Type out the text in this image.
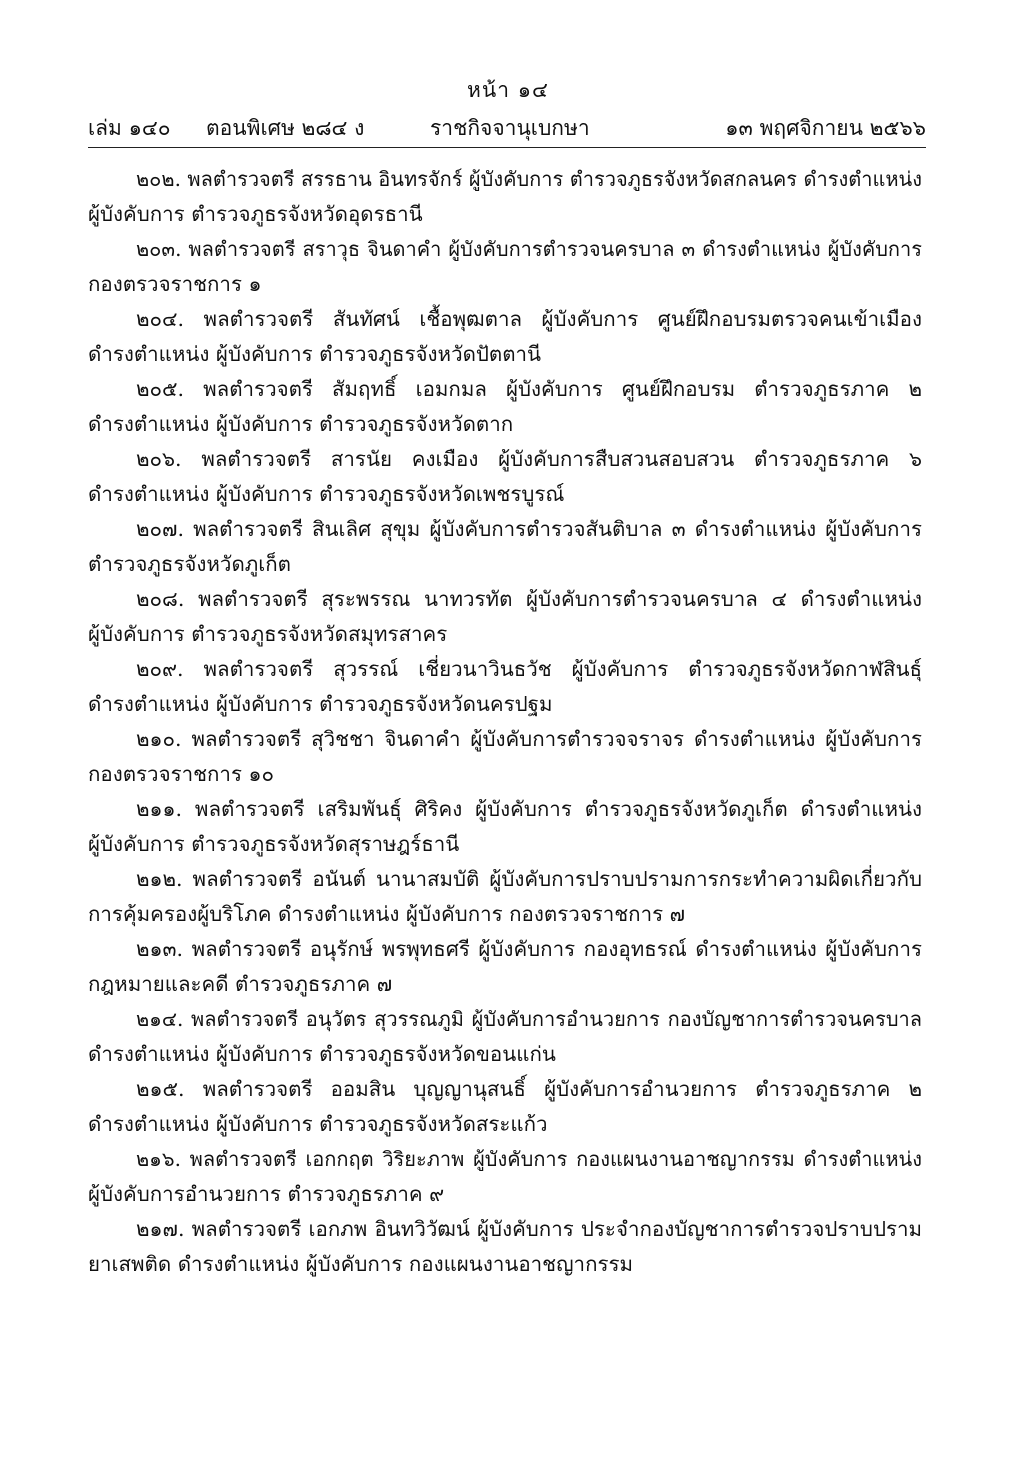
หน้า ๑๔
เล่ม ๑๔๐ ตอนพิเศษ ๒๘๔ ง	ราชกิจจานุเบกษา	๑๓ พฤศจิกายน ๒๕๖๖
๒๐๒. พลตำรวจตรี สรรธาน อินทรจักร์ ผู้บังคับการ ตำรวจภูธรจังหวัดสกลนคร ดำรงตำแหน่ง
ผู้บังคับการ ตำรวจภูธรจังหวัดอุดรธานี
๒๐๓. พลตำรวจตรี สราวุธ จินดาคำ ผู้บังคับการตำรวจนครบาล ๓ ดำรงตำแหน่ง ผู้บังคับการ
กองตรวจราชการ ๑
๒๐๔. พลตำรวจตรี สันทัศน์ เชื้อพุฒตาล ผู้บังคับการ ศูนย์ฝึกอบรมตรวจคนเข้าเมือง
ดำรงตำแหน่ง ผู้บังคับการ ตำรวจภูธรจังหวัดปัตตานี
๒๐๕. พลตำรวจตรี สัมฤทธิ์ เอมกมล ผู้บังคับการ ศูนย์ฝึกอบรม ตำรวจภูธรภาค ๒
ดำรงตำแหน่ง ผู้บังคับการ ตำรวจภูธรจังหวัดตาก
๒๐๖. พลตำรวจตรี สารนัย คงเมือง ผู้บังคับการสืบสวนสอบสวน ตำรวจภูธรภาค ๖
ดำรงตำแหน่ง ผู้บังคับการ ตำรวจภูธรจังหวัดเพชรบูรณ์
๒๐๗. พลตำรวจตรี สินเลิศ สุขุม ผู้บังคับการตำรวจสันติบาล ๓ ดำรงตำแหน่ง ผู้บังคับการ
ตำรวจภูธรจังหวัดภูเก็ต
๒๐๘. พลตำรวจตรี สุระพรรณ นาทวรทัต ผู้บังคับการตำรวจนครบาล ๔ ดำรงตำแหน่ง
ผู้บังคับการ ตำรวจภูธรจังหวัดสมุทรสาคร
๒๐๙. พลตำรวจตรี สุวรรณ์ เชี่ยวนาวินธวัช ผู้บังคับการ ตำรวจภูธรจังหวัดกาฬสินธุ์
ดำรงตำแหน่ง ผู้บังคับการ ตำรวจภูธรจังหวัดนครปฐม
๒๑๐. พลตำรวจตรี สุวิชชา จินดาคำ ผู้บังคับการตำรวจจราจร ดำรงตำแหน่ง ผู้บังคับการ
กองตรวจราชการ ๑๐
๒๑๑. พลตำรวจตรี เสริมพันธุ์ ศิริคง ผู้บังคับการ ตำรวจภูธรจังหวัดภูเก็ต ดำรงตำแหน่ง
ผู้บังคับการ ตำรวจภูธรจังหวัดสุราษฎร์ธานี
๒๑๒. พลตำรวจตรี อนันต์ นานาสมบัติ ผู้บังคับการปราบปรามการกระทำความผิดเกี่ยวกับ
การคุ้มครองผู้บริโภค ดำรงตำแหน่ง ผู้บังคับการ กองตรวจราชการ ๗
๒๑๓. พลตำรวจตรี อนุรักษ์ พรพุทธศรี ผู้บังคับการ กองอุทธรณ์ ดำรงตำแหน่ง ผู้บังคับการ
กฎหมายและคดี ตำรวจภูธรภาค ๗
๒๑๔. พลตำรวจตรี อนุวัตร สุวรรณภูมิ ผู้บังคับการอำนวยการ กองบัญชาการตำรวจนครบาล
ดำรงตำแหน่ง ผู้บังคับการ ตำรวจภูธรจังหวัดขอนแก่น
๒๑๕. พลตำรวจตรี ออมสิน บุญญานุสนธิ์ ผู้บังคับการอำนวยการ ตำรวจภูธรภาค ๒
ดำรงตำแหน่ง ผู้บังคับการ ตำรวจภูธรจังหวัดสระแก้ว
๒๑๖. พลตำรวจตรี เอกกฤต วิริยะภาพ ผู้บังคับการ กองแผนงานอาชญากรรม ดำรงตำแหน่ง
ผู้บังคับการอำนวยการ ตำรวจภูธรภาค ๙
๒๑๗. พลตำรวจตรี เอกภพ อินทวิวัฒน์ ผู้บังคับการ ประจำกองบัญชาการตำรวจปราบปราม
ยาเสพติด ดำรงตำแหน่ง ผู้บังคับการ กองแผนงานอาชญากรรม
